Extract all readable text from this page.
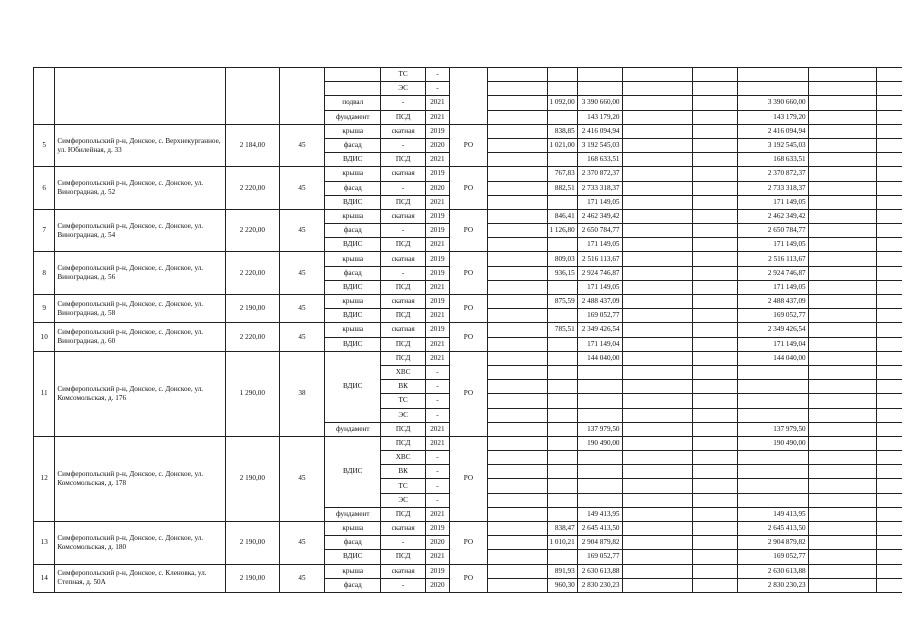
					ТС	-									
					ЭС	-									
				подвал	-	2021			1 092,00	3 390 660,00			3 390 660,00		
				фундамент	ПСД	2021				143 179,20			143 179,20		
5	Симферопольский р-н, Донское, с. Верхнекурганное, ул. Юбилейная, д. 33	2 184,00	45	крыша	скатная	2019	РО		838,85	2 416 094,94			2 416 094,94		
				фасад	-	2020			1 021,00	3 192 545,03			3 192 545,03		
				ВДИС	ПСД	2021				168 633,51			168 633,51		
6	Симферопольский р-н, Донское, с. Донское, ул. Виноградная, д. 52	2 220,00	45	крыша	скатная	2019	РО		767,83	2 370 872,37			2 370 872,37		
				фасад	-	2020			882,51	2 733 318,37			2 733 318,37		
				ВДИС	ПСД	2021				171 149,05			171 149,05		
7	Симферопольский р-н, Донское, с. Донское, ул. Виноградная, д. 54	2 220,00	45	крыша	скатная	2019	РО		846,41	2 462 349,42			2 462 349,42		
				фасад	-	2019			1 126,80	2 650 784,77			2 650 784,77		
				ВДИС	ПСД	2021				171 149,05			171 149,05		
8	Симферопольский р-н, Донское, с. Донское, ул. Виноградная, д. 56	2 220,00	45	крыша	скатная	2019	РО		809,03	2 516 113,67			2 516 113,67		
				фасад	-	2019			936,15	2 924 746,87			2 924 746,87		
				ВДИС	ПСД	2021				171 149,05			171 149,05		
9	Симферопольский р-н, Донское, с. Донское, ул. Виноградная, д. 58	2 190,00	45	крыша	скатная	2019	РО		875,59	2 488 437,09			2 488 437,09		
				ВДИС	ПСД	2021				169 052,77			169 052,77		
10	Симферопольский р-н, Донское, с. Донское, ул. Виноградная, д. 60	2 220,00	45	крыша	скатная	2019	РО		785,51	2 349 426,54			2 349 426,54		
				ВДИС	ПСД	2021				171 149,04			171 149,04		
11	Симферопольский р-н, Донское, с. Донское, ул. Комсомольская, д. 176	1 290,00	38	ВДИС	ПСД	2021	РО			144 040,00			144 040,00		
					ХВС	-									
					ВК	-									
					ТС	-									
					ЭС	-									
				фундамент	ПСД	2021				137 979,50			137 979,50		
12	Симферопольский р-н, Донское, с. Донское, ул. Комсомольская, д. 178	2 190,00	45	ВДИС	ПСД	2021	РО			190 490,00			190 490,00		
					ХВС	-									
					ВК	-									
					ТС	-									
					ЭС	-									
				фундамент	ПСД	2021				149 413,95			149 413,95		
13	Симферопольский р-н, Донское, с. Донское, ул. Комсомольская, д. 180	2 190,00	45	крыша	скатная	2019	РО		838,47	2 645 413,50			2 645 413,50		
				фасад	-	2020			1 010,21	2 904 879,82			2 904 879,82		
				ВДИС	ПСД	2021				169 052,77			169 052,77		
14	Симферопольский р-н, Донское, с. Кленовка, ул. Степная, д. 50А	2 190,00	45	крыша	скатная	2019	РО		891,93	2 630 613,88			2 630 613,88		
				фасад	-	2020			960,30	2 830 230,23			2 830 230,23		
